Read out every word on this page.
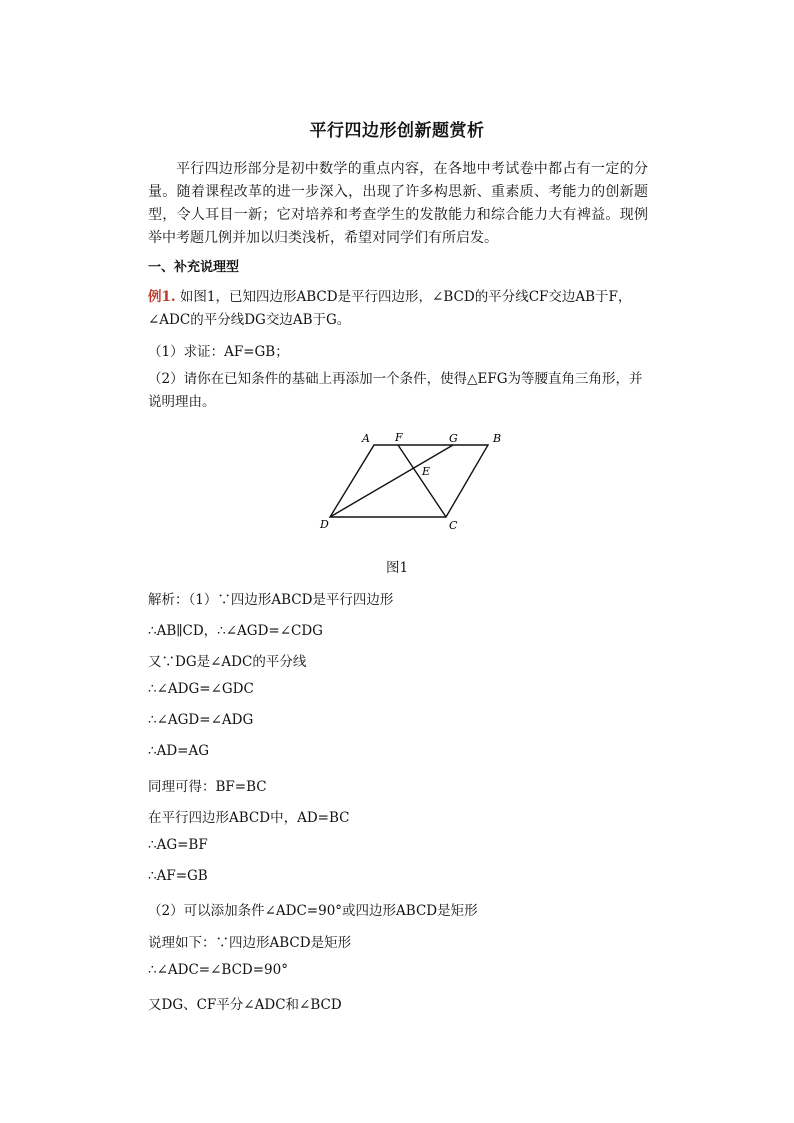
平行四边形创新题赏析

平行四边形部分是初中数学的重点内容，在各地中考试卷中都占有一定的分量。随着课程改革的进一步深入，出现了许多构思新、重素质、考能力的创新题型，令人耳目一新；它对培养和考查学生的发散能力和综合能力大有裨益。现例举中考题几例并加以归类浅析，希望对同学们有所启发。

一、补充说理型

例1. 如图1，已知四边形ABCD是平行四边形，∠BCD的平分线CF交边AB于F，∠ADC的平分线DG交边AB于G。

（1）求证：AF=GB；

（2）请你在已知条件的基础上再添加一个条件，使得△EFG为等腰直角三角形，并说明理由。

A F	G	B
E
D	C
图1
解析：（1）∵四边形ABCD是平行四边形
∴AB∥CD，∴∠AGD=∠CDG
又∵DG是∠ADC的平分线
∴∠ADG=∠GDC
∴∠AGD=∠ADG
∴AD=AG
同理可得：BF=BC
在平行四边形ABCD中，AD=BC
∴AG=BF
∴AF=GB
（2）可以添加条件∠ADC=90°或四边形ABCD是矩形
说理如下：∵四边形ABCD是矩形
∴∠ADC=∠BCD=90°
又DG、CF平分∠ADC和∠BCD
